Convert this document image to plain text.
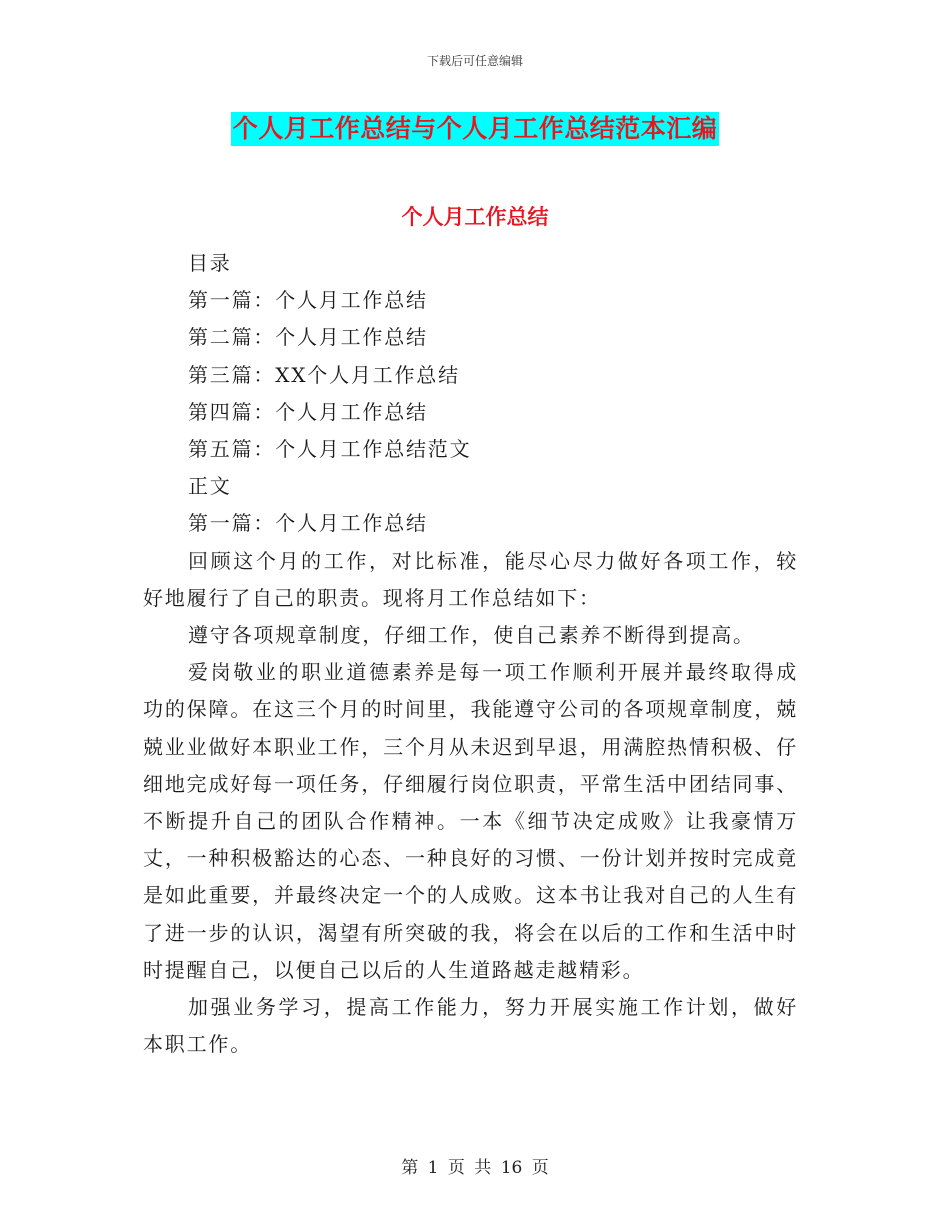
下载后可任意编辑
个人月工作总结与个人月工作总结范本汇编
个人月工作总结
目录
第一篇：个人月工作总结
第二篇：个人月工作总结
第三篇：XX个人月工作总结
第四篇：个人月工作总结
第五篇：个人月工作总结范文
正文
第一篇：个人月工作总结
回顾这个月的工作，对比标准，能尽心尽力做好各项工作，较好地履行了自己的职责。现将月工作总结如下：
遵守各项规章制度，仔细工作，使自己素养不断得到提高。
爱岗敬业的职业道德素养是每一项工作顺利开展并最终取得成功的保障。在这三个月的时间里，我能遵守公司的各项规章制度，兢兢业业做好本职业工作，三个月从未迟到早退，用满腔热情积极、仔细地完成好每一项任务，仔细履行岗位职责，平常生活中团结同事、不断提升自己的团队合作精神。一本《细节决定成败》让我豪情万丈，一种积极豁达的心态、一种良好的习惯、一份计划并按时完成竟是如此重要，并最终决定一个的人成败。这本书让我对自己的人生有了进一步的认识，渴望有所突破的我，将会在以后的工作和生活中时时提醒自己，以便自己以后的人生道路越走越精彩。
加强业务学习，提高工作能力，努力开展实施工作计划，做好本职工作。
第 1 页 共 16 页
